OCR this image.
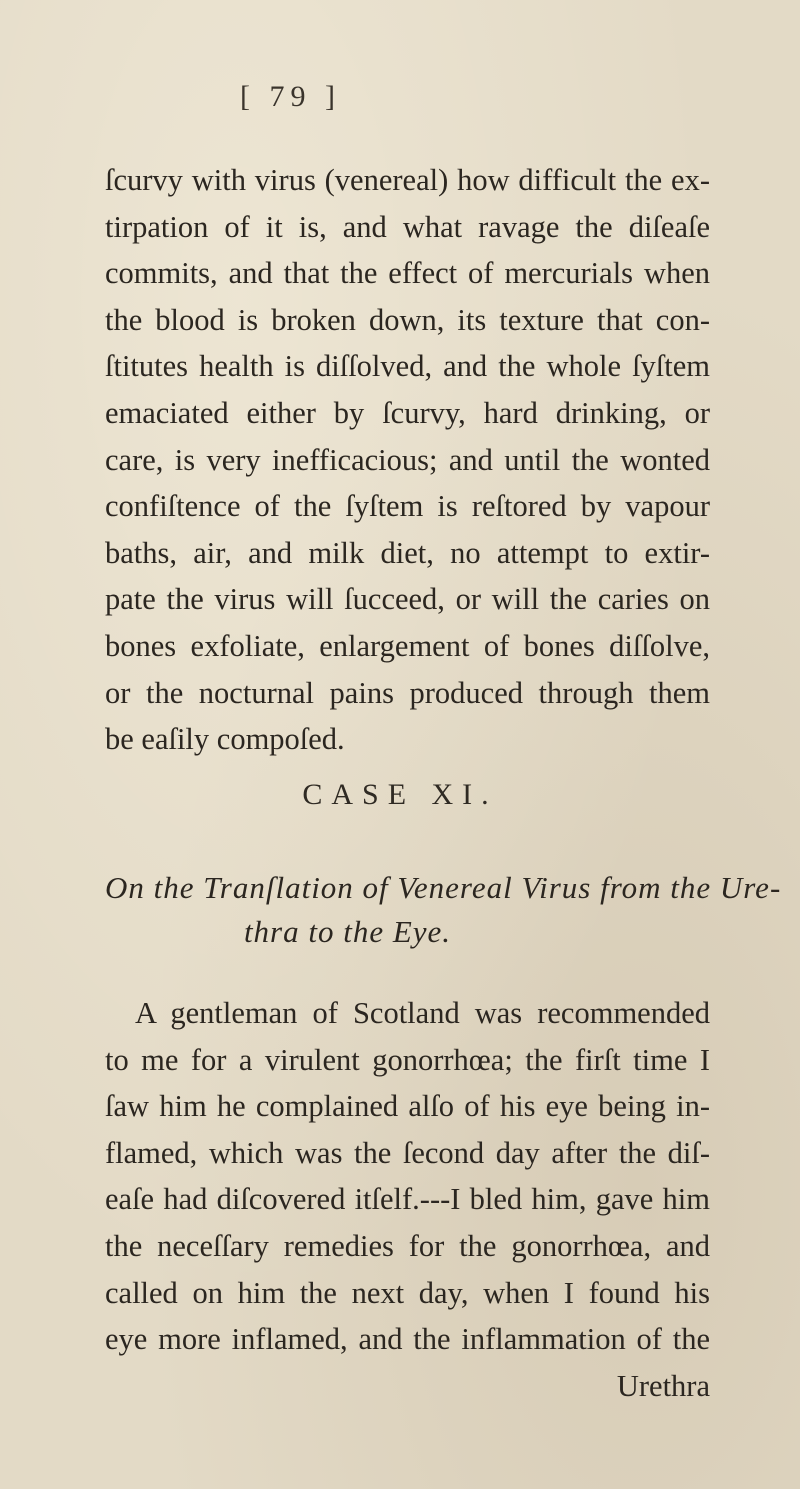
[ 79 ]
ſcurvy with virus (venereal) how difficult the ex-
tirpation of it is, and what ravage the diſeaſe
commits, and that the effect of mercurials when
the blood is broken down, its texture that con-
ſtitutes health is diſſolved, and the whole ſyſtem
emaciated either by ſcurvy, hard drinking, or
care, is very inefficacious; and until the wonted
confiſtence of the ſyſtem is reſtored by vapour
baths, air, and milk diet, no attempt to extir-
pate the virus will ſucceed, or will the caries on
bones exfoliate, enlargement of bones diſſolve,
or the nocturnal pains produced through them
be eaſily compoſed.
CASE XI.
On the Tranſlation of Venereal Virus from the Ure-
thra to the Eye.
A gentleman of Scotland was recommended
to me for a virulent gonorrhœa; the firſt time I
ſaw him he complained alſo of his eye being in-
flamed, which was the ſecond day after the diſ-
eaſe had diſcovered itſelf.---I bled him, gave him
the neceſſary remedies for the gonorrhœa, and
called on him the next day, when I found his
eye more inflamed, and the inflammation of the
Urethra
